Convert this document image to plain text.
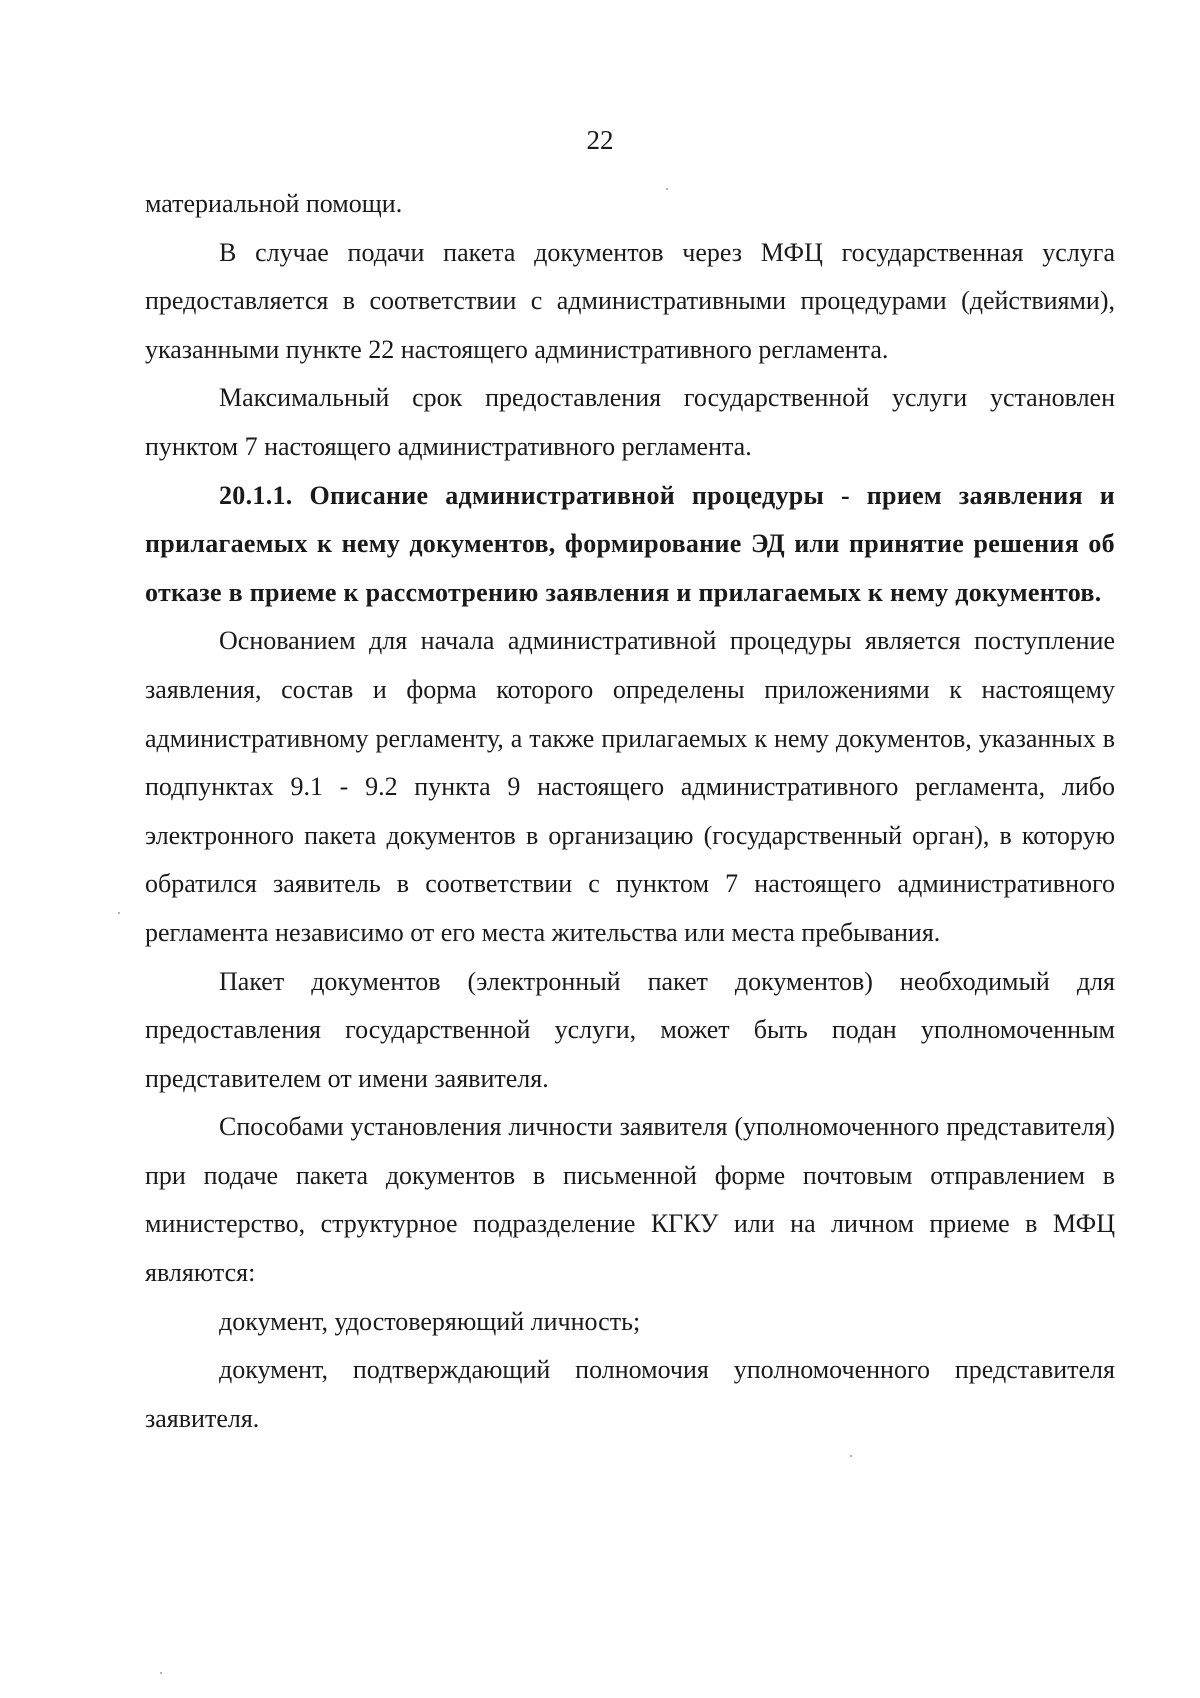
22

материальной помощи.

В случае подачи пакета документов через МФЦ государственная услуга предоставляется в соответствии с административными процедурами (действиями), указанными пункте 22 настоящего административного регламента.

Максимальный срок предоставления государственной услуги установлен пунктом 7 настоящего административного регламента.

20.1.1. Описание административной процедуры - прием заявления и прилагаемых к нему документов, формирование ЭД или принятие решения об отказе в приеме к рассмотрению заявления и прилагаемых к нему документов.

Основанием для начала административной процедуры является поступление заявления, состав и форма которого определены приложениями к настоящему административному регламенту, а также прилагаемых к нему документов, указанных в подпунктах 9.1 - 9.2 пункта 9 настоящего административного регламента, либо электронного пакета документов в организацию (государственный орган), в которую обратился заявитель в соответствии с пунктом 7 настоящего административного регламента независимо от его места жительства или места пребывания.

Пакет документов (электронный пакет документов) необходимый для предоставления государственной услуги, может быть подан уполномоченным представителем от имени заявителя.

Способами установления личности заявителя (уполномоченного представителя) при подаче пакета документов в письменной форме почтовым отправлением в министерство, структурное подразделение КГКУ или на личном приеме в МФЦ являются:

документ, удостоверяющий личность;

документ, подтверждающий полномочия уполномоченного представителя заявителя.
